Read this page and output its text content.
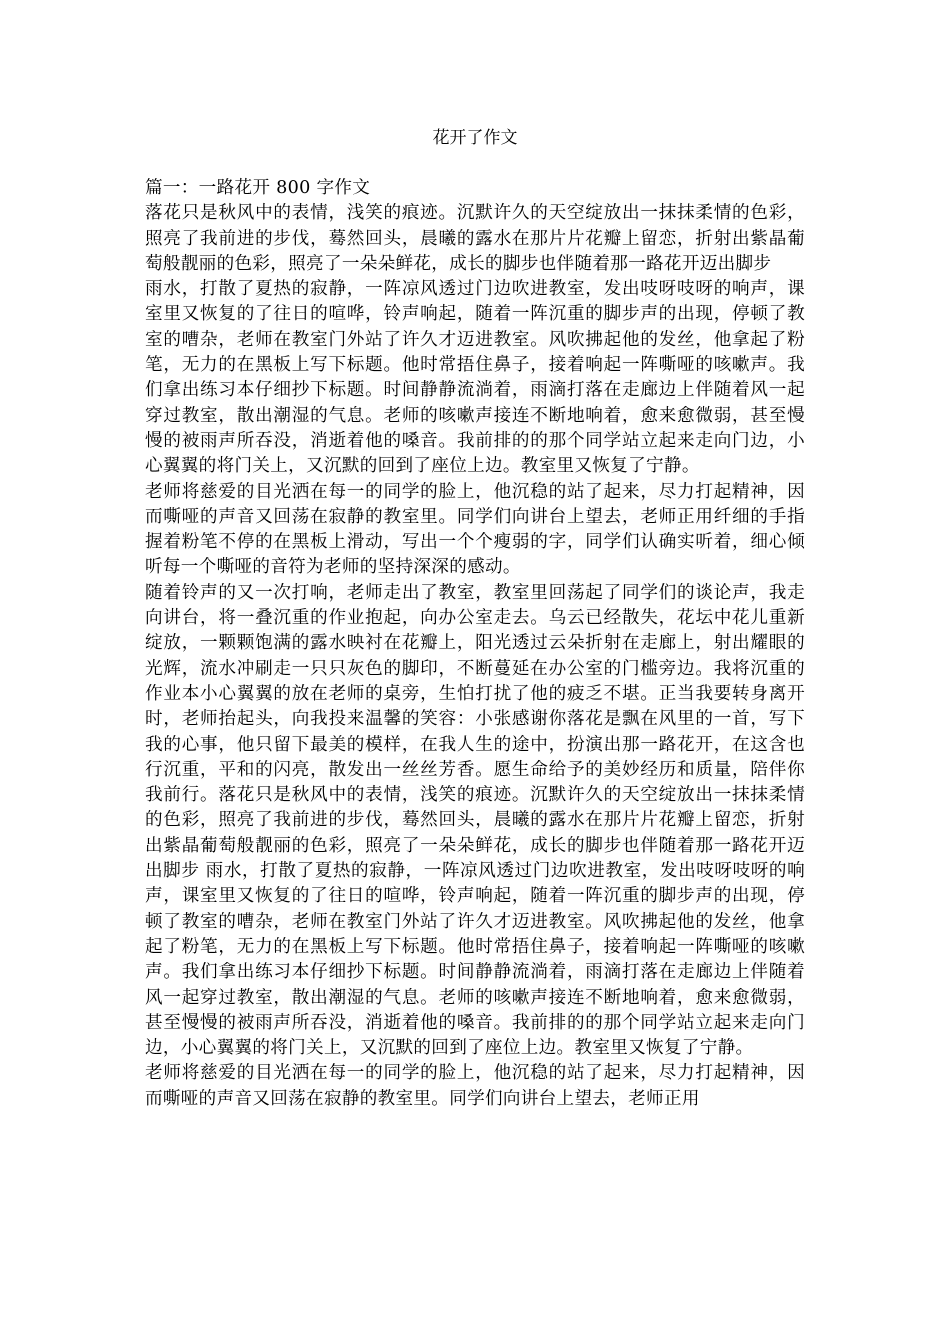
花开了作文

篇一：一路花开 800 字作文

落花只是秋风中的表情，浅笑的痕迹。沉默许久的天空绽放出一抹抹柔情的色彩，照亮了我前进的步伐，蓦然回头，晨曦的露水在那片片花瓣上留恋，折射出紫晶葡萄般靓丽的色彩，照亮了一朵朵鲜花，成长的脚步也伴随着那一路花开迈出脚步

雨水，打散了夏热的寂静，一阵凉风透过门边吹进教室，发出吱呀吱呀的响声，课室里又恢复的了往日的喧哗，铃声响起，随着一阵沉重的脚步声的出现，停顿了教室的嘈杂，老师在教室门外站了许久才迈进教室。风吹拂起他的发丝，他拿起了粉笔，无力的在黑板上写下标题。他时常捂住鼻子，接着响起一阵嘶哑的咳嗽声。我们拿出练习本仔细抄下标题。时间静静流淌着，雨滴打落在走廊边上伴随着风一起穿过教室，散出潮湿的气息。老师的咳嗽声接连不断地响着，愈来愈微弱，甚至慢慢的被雨声所吞没，消逝着他的嗓音。我前排的的那个同学站立起来走向门边，小心翼翼的将门关上，又沉默的回到了座位上边。教室里又恢复了宁静。

老师将慈爱的目光洒在每一的同学的脸上，他沉稳的站了起来，尽力打起精神，因而嘶哑的声音又回荡在寂静的教室里。同学们向讲台上望去，老师正用纤细的手指握着粉笔不停的在黑板上滑动，写出一个个瘦弱的字，同学们认确实听着，细心倾听每一个嘶哑的音符为老师的坚持深深的感动。

随着铃声的又一次打响，老师走出了教室，教室里回荡起了同学们的谈论声，我走向讲台，将一叠沉重的作业抱起，向办公室走去。乌云已经散失，花坛中花儿重新绽放，一颗颗饱满的露水映衬在花瓣上，阳光透过云朵折射在走廊上，射出耀眼的光辉，流水冲刷走一只只灰色的脚印，不断蔓延在办公室的门槛旁边。我将沉重的作业本小心翼翼的放在老师的桌旁，生怕打扰了他的疲乏不堪。正当我要转身离开时，老师抬起头，向我投来温馨的笑容：小张感谢你落花是飘在风里的一首，写下我的心事，他只留下最美的模样，在我人生的途中，扮演出那一路花开，在这含也行沉重，平和的闪亮，散发出一丝丝芳香。愿生命给予的美妙经历和质量，陪伴你我前行。落花只是秋风中的表情，浅笑的痕迹。沉默许久的天空绽放出一抹抹柔情的色彩，照亮了我前进的步伐，蓦然回头，晨曦的露水在那片片花瓣上留恋，折射出紫晶葡萄般靓丽的色彩，照亮了一朵朵鲜花，成长的脚步也伴随着那一路花开迈出脚步 雨水，打散了夏热的寂静，一阵凉风透过门边吹进教室，发出吱呀吱呀的响声，课室里又恢复的了往日的喧哗，铃声响起，随着一阵沉重的脚步声的出现，停顿了教室的嘈杂，老师在教室门外站了许久才迈进教室。风吹拂起他的发丝，他拿起了粉笔，无力的在黑板上写下标题。他时常捂住鼻子，接着响起一阵嘶哑的咳嗽声。我们拿出练习本仔细抄下标题。时间静静流淌着，雨滴打落在走廊边上伴随着风一起穿过教室，散出潮湿的气息。老师的咳嗽声接连不断地响着，愈来愈微弱，甚至慢慢的被雨声所吞没，消逝着他的嗓音。我前排的的那个同学站立起来走向门边，小心翼翼的将门关上，又沉默的回到了座位上边。教室里又恢复了宁静。

老师将慈爱的目光洒在每一的同学的脸上，他沉稳的站了起来，尽力打起精神，因而嘶哑的声音又回荡在寂静的教室里。同学们向讲台上望去，老师正用
